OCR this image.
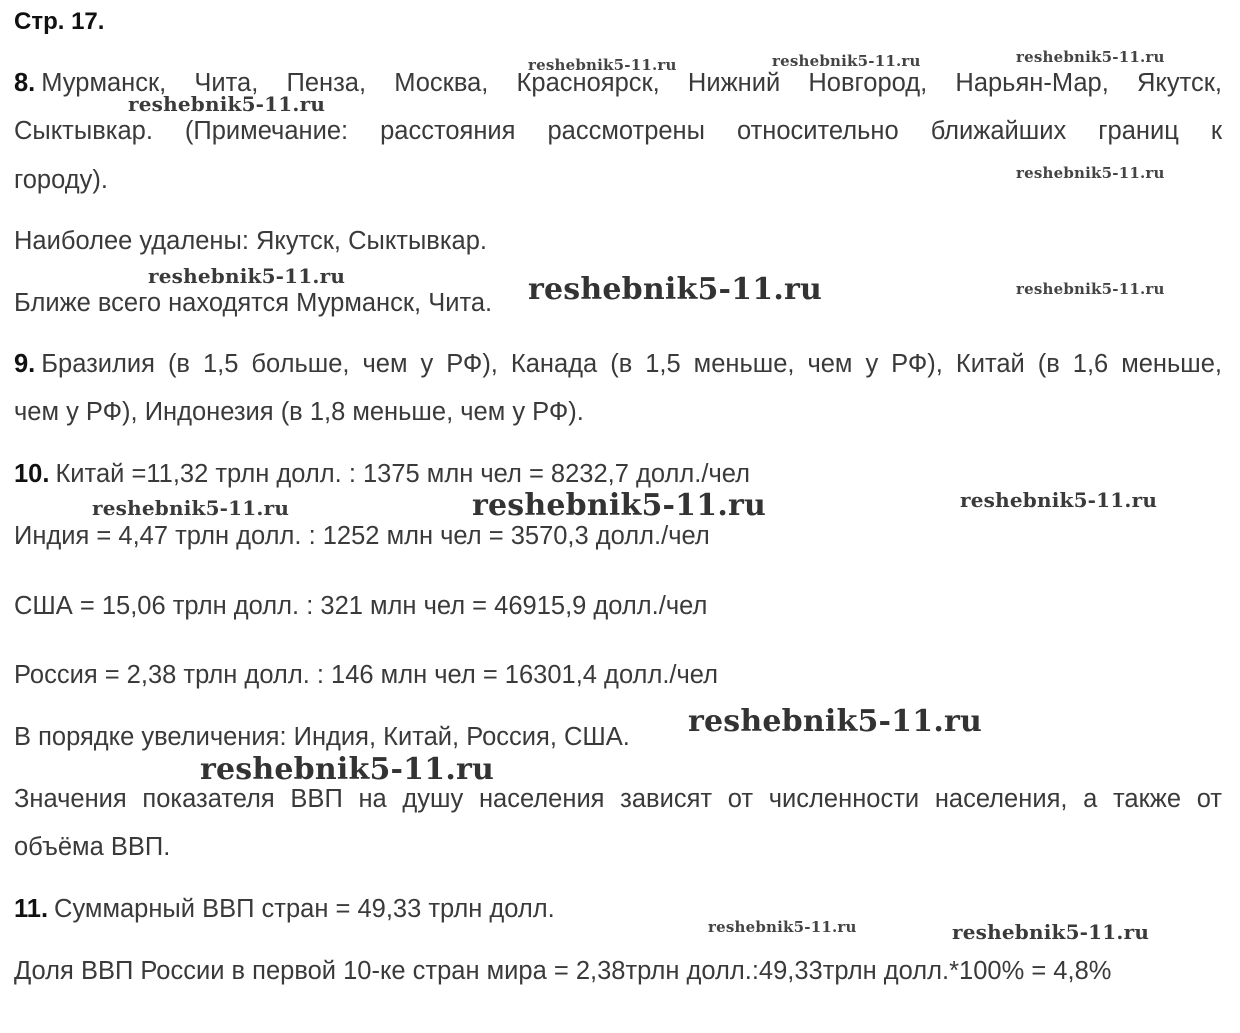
Стр. 17.
8. Мурманск, Чита, Пенза, Москва, Красноярск, Нижний Новгород, Нарьян-Мар, Якутск,
Сыктывкар. (Примечание: расстояния рассмотрены относительно ближайших границ к
городу).
Наиболее удалены: Якутск, Сыктывкар.
Ближе всего находятся Мурманск, Чита.
9. Бразилия (в 1,5 больше, чем у РФ), Канада (в 1,5 меньше, чем у РФ), Китай (в 1,6 меньше,
чем у РФ), Индонезия (в 1,8 меньше, чем у РФ).
10. Китай =11,32 трлн долл. : 1375 млн чел = 8232,7 долл./чел
Индия = 4,47 трлн долл. : 1252 млн чел = 3570,3 долл./чел
США = 15,06 трлн долл. : 321 млн чел = 46915,9 долл./чел
Россия = 2,38 трлн долл. : 146 млн чел = 16301,4 долл./чел
В порядке увеличения: Индия, Китай, Россия, США.
Значения показателя ВВП на душу населения зависят от численности населения, а также от
объёма ВВП.
11. Суммарный ВВП стран = 49,33 трлн долл.
Доля ВВП России в первой 10-ке стран мира = 2,38трлн долл.:49,33трлн долл.*100% = 4,8%
reshebnik5-11.ru	reshebnik5-11.ru	reshebnik5-11.ru
reshebnik5-11.ru
reshebnik5-11.ru
reshebnik5-11.ru	reshebnik5-11.ru	reshebnik5-11.ru
reshebnik5-11.ru	reshebnik5-11.ru	reshebnik5-11.ru
reshebnik5-11.ru
reshebnik5-11.ru
reshebnik5-11.ru	reshebnik5-11.ru
